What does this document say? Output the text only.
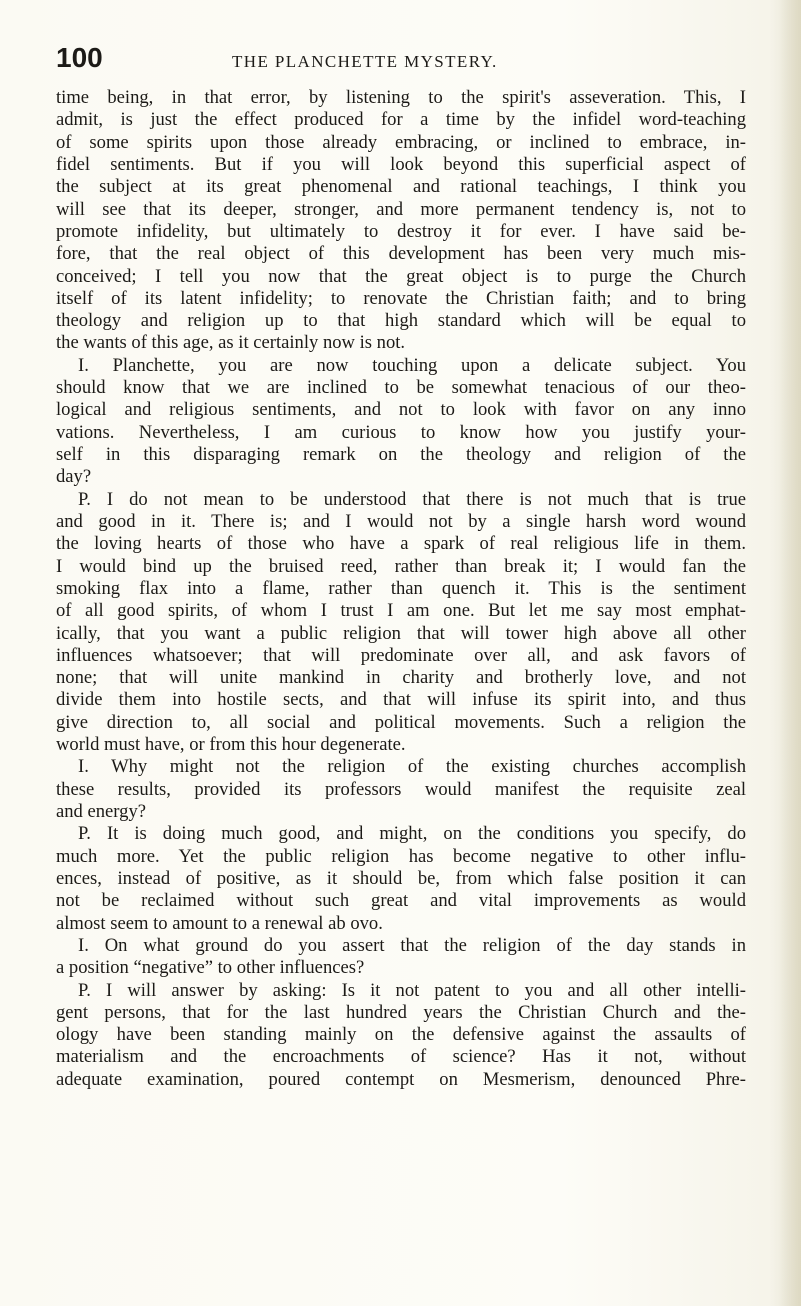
100	THE PLANCHETTE MYSTERY.
time being, in that error, by listening to the spirit's asseveration. This, I
admit, is just the effect produced for a time by the infidel word-teaching
of some spirits upon those already embracing, or inclined to embrace, in-
fidel sentiments. But if you will look beyond this superficial aspect of
the subject at its great phenomenal and rational teachings, I think you
will see that its deeper, stronger, and more permanent tendency is, not to
promote infidelity, but ultimately to destroy it for ever. I have said be-
fore, that the real object of this development has been very much mis-
conceived; I tell you now that the great object is to purge the Church
itself of its latent infidelity; to renovate the Christian faith; and to bring
theology and religion up to that high standard which will be equal to
the wants of this age, as it certainly now is not.
I. Planchette, you are now touching upon a delicate subject. You
should know that we are inclined to be somewhat tenacious of our theo-
logical and religious sentiments, and not to look with favor on any inno
vations. Nevertheless, I am curious to know how you justify your-
self in this disparaging remark on the theology and religion of the
day?
P. I do not mean to be understood that there is not much that is true
and good in it. There is; and I would not by a single harsh word wound
the loving hearts of those who have a spark of real religious life in them.
I would bind up the bruised reed, rather than break it; I would fan the
smoking flax into a flame, rather than quench it. This is the sentiment
of all good spirits, of whom I trust I am one. But let me say most emphat-
ically, that you want a public religion that will tower high above all other
influences whatsoever; that will predominate over all, and ask favors of
none; that will unite mankind in charity and brotherly love, and not
divide them into hostile sects, and that will infuse its spirit into, and thus
give direction to, all social and political movements. Such a religion the
world must have, or from this hour degenerate.
I. Why might not the religion of the existing churches accomplish
these results, provided its professors would manifest the requisite zeal
and energy?
P. It is doing much good, and might, on the conditions you specify, do
much more. Yet the public religion has become negative to other influ-
ences, instead of positive, as it should be, from which false position it can
not be reclaimed without such great and vital improvements as would
almost seem to amount to a renewal ab ovo.
I. On what ground do you assert that the religion of the day stands in
a position “negative” to other influences?
P. I will answer by asking: Is it not patent to you and all other intelli-
gent persons, that for the last hundred years the Christian Church and the-
ology have been standing mainly on the defensive against the assaults of
materialism and the encroachments of science? Has it not, without
adequate examination, poured contempt on Mesmerism, denounced Phre-
